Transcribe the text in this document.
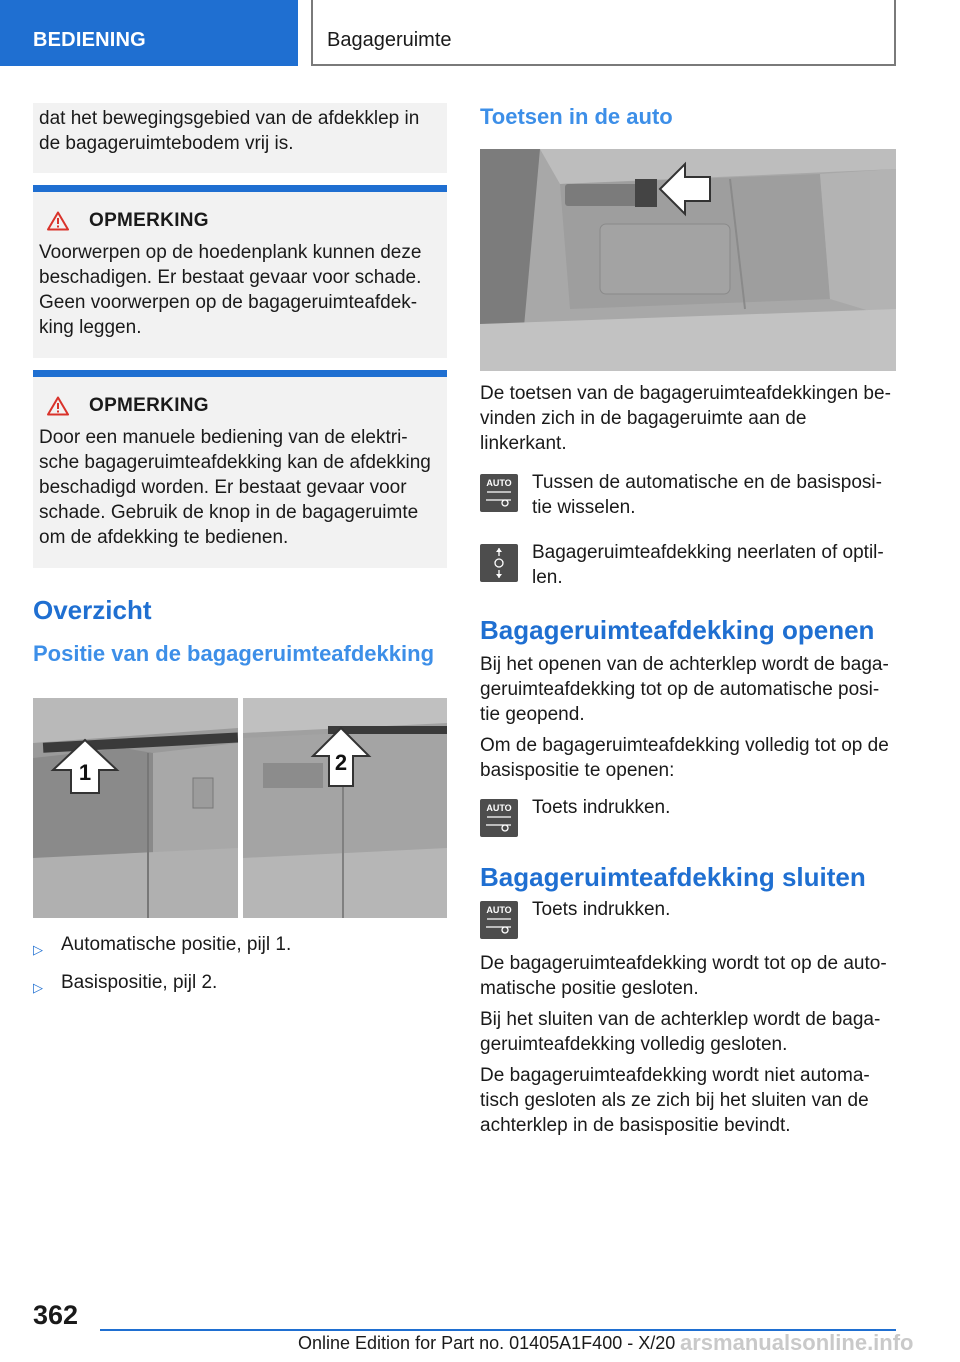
BEDIENING	Bagageruimte
dat het bewegingsgebied van de afdekklep in de bagageruimtebodem vrij is.
OPMERKING
Voorwerpen op de hoedenplank kunnen deze beschadigen. Er bestaat gevaar voor schade. Geen voorwerpen op de bagageruimteafdek-king leggen.
OPMERKING
Door een manuele bediening van de elektri-sche bagageruimteafdekking kan de afdekking beschadigd worden. Er bestaat gevaar voor schade. Gebruik de knop in de bagageruimte om de afdekking te bedienen.
Overzicht
Positie van de bagageruimteafdekking
1	2
▷ Automatische positie, pijl 1.
▷ Basispositie, pijl 2.
Toetsen in de auto
De toetsen van de bagageruimteafdekkingen be-vinden zich in de bagageruimte aan de linkerkant.
AUTO Tussen de automatische en de basisposi-tie wisselen.
Bagageruimteafdekking neerlaten of optil-len.
Bagageruimteafdekking openen
Bij het openen van de achterklep wordt de baga-geruimteafdekking tot op de automatische posi-tie geopend.
Om de bagageruimteafdekking volledig tot op de basispositie te openen:
AUTO Toets indrukken.
Bagageruimteafdekking sluiten
AUTO Toets indrukken.
De bagageruimteafdekking wordt tot op de auto-matische positie gesloten.
Bij het sluiten van de achterklep wordt de baga-geruimteafdekking volledig gesloten.
De bagageruimteafdekking wordt niet automa-tisch gesloten als ze zich bij het sluiten van de achterklep in de basispositie bevindt.
362
Online Edition for Part no. 01405A1F400 - X/20 arsmanualsonline.info
